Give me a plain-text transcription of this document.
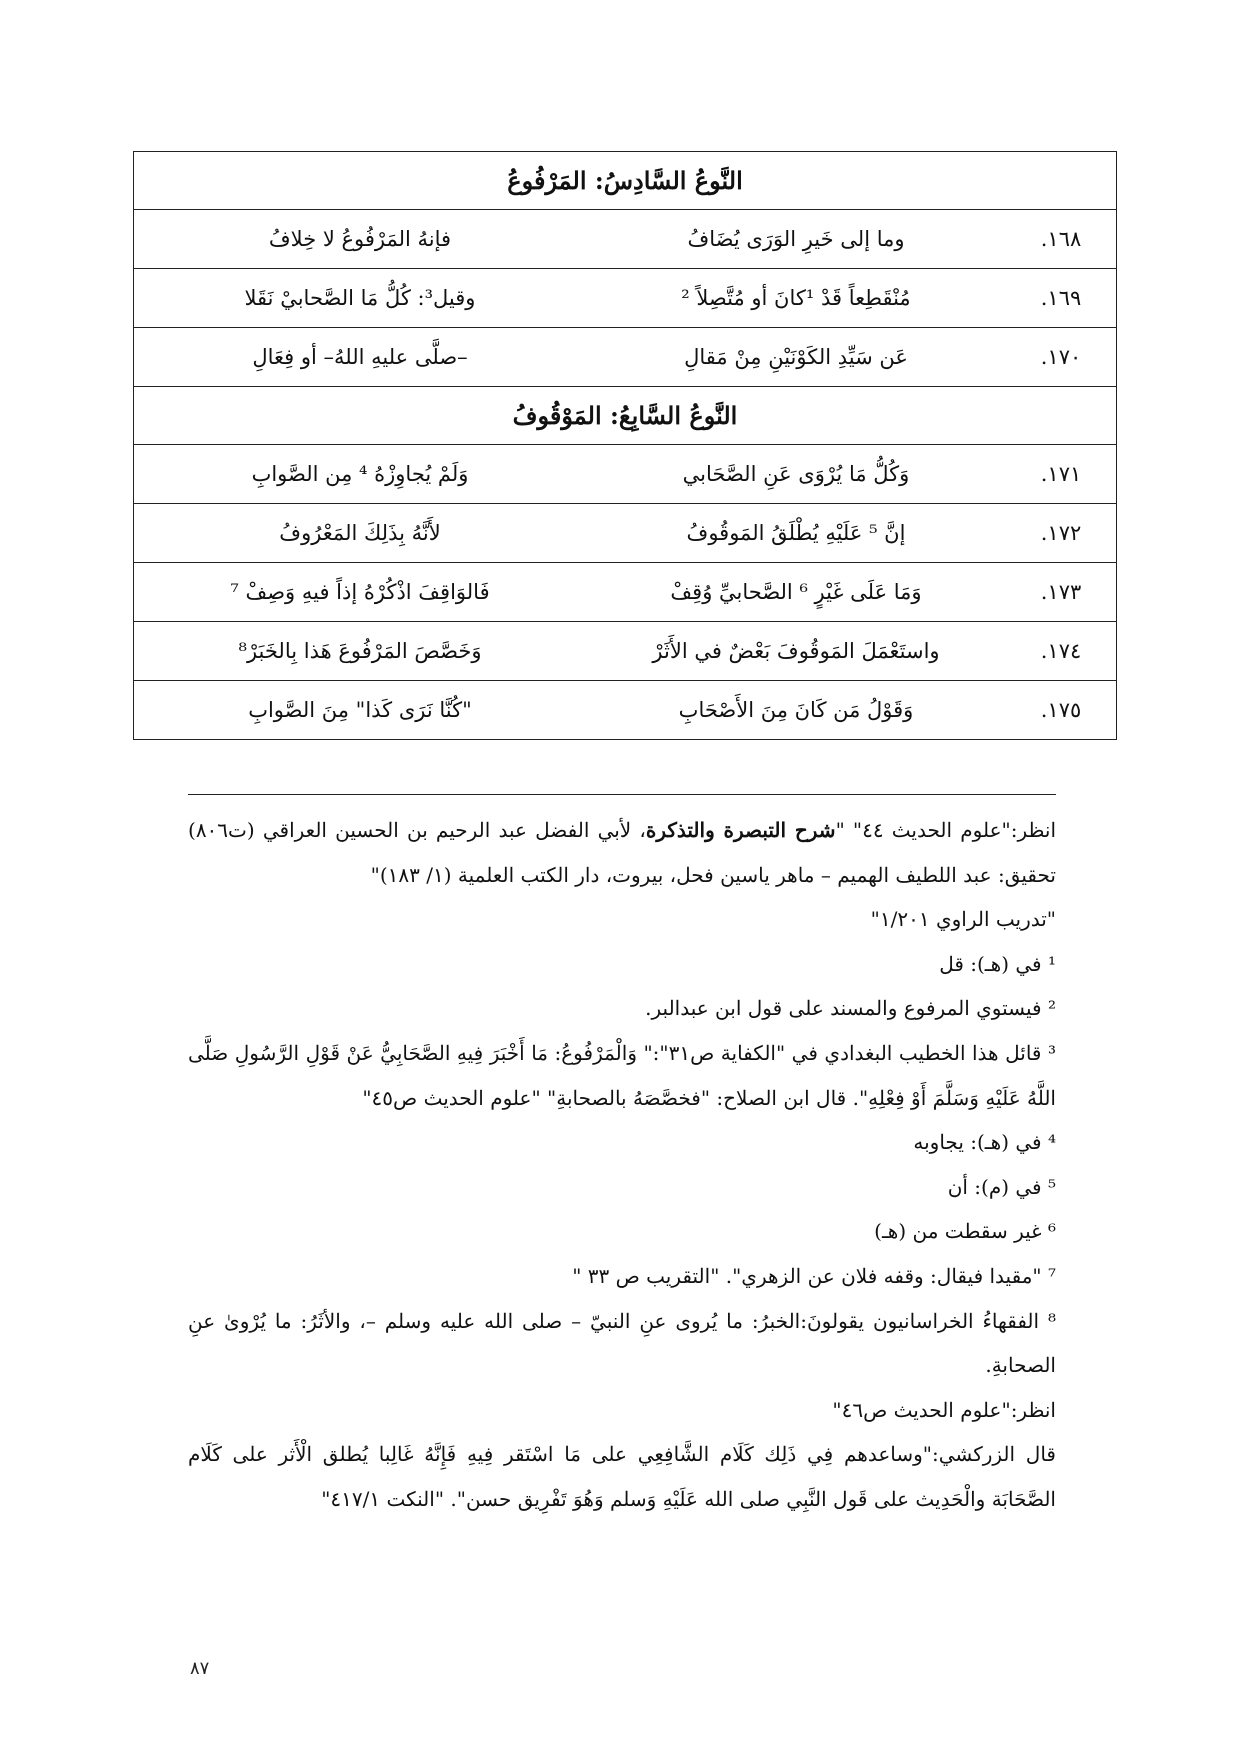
النَّوعُ السَّادِسُ: المَرْفُوعُ		
١٦٨.	وما إلى خَيرِ الوَرَى يُضَافُ	فإنهُ المَرْفُوعُ لا خِلافُ
١٦٩.	مُنْقَطِعاً قَدْ ¹كانَ أو مُتَّصِلاً ²	وقيل³: كُلُّ مَا الصَّحابيْ نَقَلا
١٧٠.	عَن سَيِّدِ الكَوْنَيْنِ مِنْ مَقالِ	–صلَّى عليهِ اللهُ– أو فِعَالِ
النَّوعُ السَّابِعُ: المَوْقُوفُ		
١٧١.	وَكُلُّ مَا يُرْوَى عَنِ الصَّحَابي	وَلَمْ يُجاوِزْهُ ⁴ مِن الصَّوابِ
١٧٢.	إنَّ ⁵ عَلَيْهِ يُطْلَقُ المَوقُوفُ	لأَنَّهُ بِذَلِكَ المَعْرُوفُ
١٧٣.	وَمَا عَلَى غَيْرٍ ⁶ الصَّحابيِّ وُقِفْ	فَالوَاقِفَ اذْكُرْهُ إذاً فيهِ وَصِفْ ⁷
١٧٤.	واستَعْمَلَ المَوقُوفَ بَعْضٌ في الأَثَرْ	وَخَصَّصَ المَرْفُوعَ هَذا بِالخَبَرْ⁸
١٧٥.	وَقَوْلُ مَن كَانَ مِنَ الأَصْحَابِ	"كُنَّا نَرَى كَذا" مِنَ الصَّوابِ

انظر:"علوم الحديث ٤٤" "شرح التبصرة والتذكرة، لأبي الفضل عبد الرحيم بن الحسين العراقي (ت٨٠٦) تحقيق: عبد اللطيف الهميم – ماهر ياسين فحل، بيروت، دار الكتب العلمية (١/ ١٨٣)"

"تدريب الراوي ١/٢٠١"

¹ في (هـ): قل

² فيستوي المرفوع والمسند على قول ابن عبدالبر.

³ قائل هذا الخطيب البغدادي في "الكفاية ص٣١":" وَالْمَرْفُوعُ: مَا أَخْبَرَ فِيهِ الصَّحَابِيُّ عَنْ قَوْلِ الرَّسُولِ صَلَّى اللَّهُ عَلَيْهِ وَسَلَّمَ أَوْ فِعْلِهِ". قال ابن الصلاح: "فخصَّصَهُ بالصحابةِ" "علوم الحديث ص٤٥"

⁴ في (هـ): يجاوبه

⁵ في (م): أن

⁶ غير سقطت من (هـ)

⁷ "مقيدا فيقال: وقفه فلان عن الزهري". "التقريب ص ٣٣ "

⁸ الفقهاءُ الخراسانيون يقولونَ:الخبرُ: ما يُروى عنِ النبيّ – صلى الله عليه وسلم –، والأثَرُ: ما يُرْوىٰ عنِ الصحابةِ.

انظر:"علوم الحديث ص٤٦"

قال الزركشي:"وساعدهم فِي ذَلِك كَلَام الشَّافِعِي على مَا اسْتَقر فِيهِ فَإِنَّهُ غَالِبا يُطلق الْأَثر على كَلَام الصَّحَابَة والْحَدِيث على قَول النَّبِي صلى الله عَلَيْهِ وَسلم وَهُوَ تَفْرِيق حسن". "النكت ٤١٧/١"

٨٧
